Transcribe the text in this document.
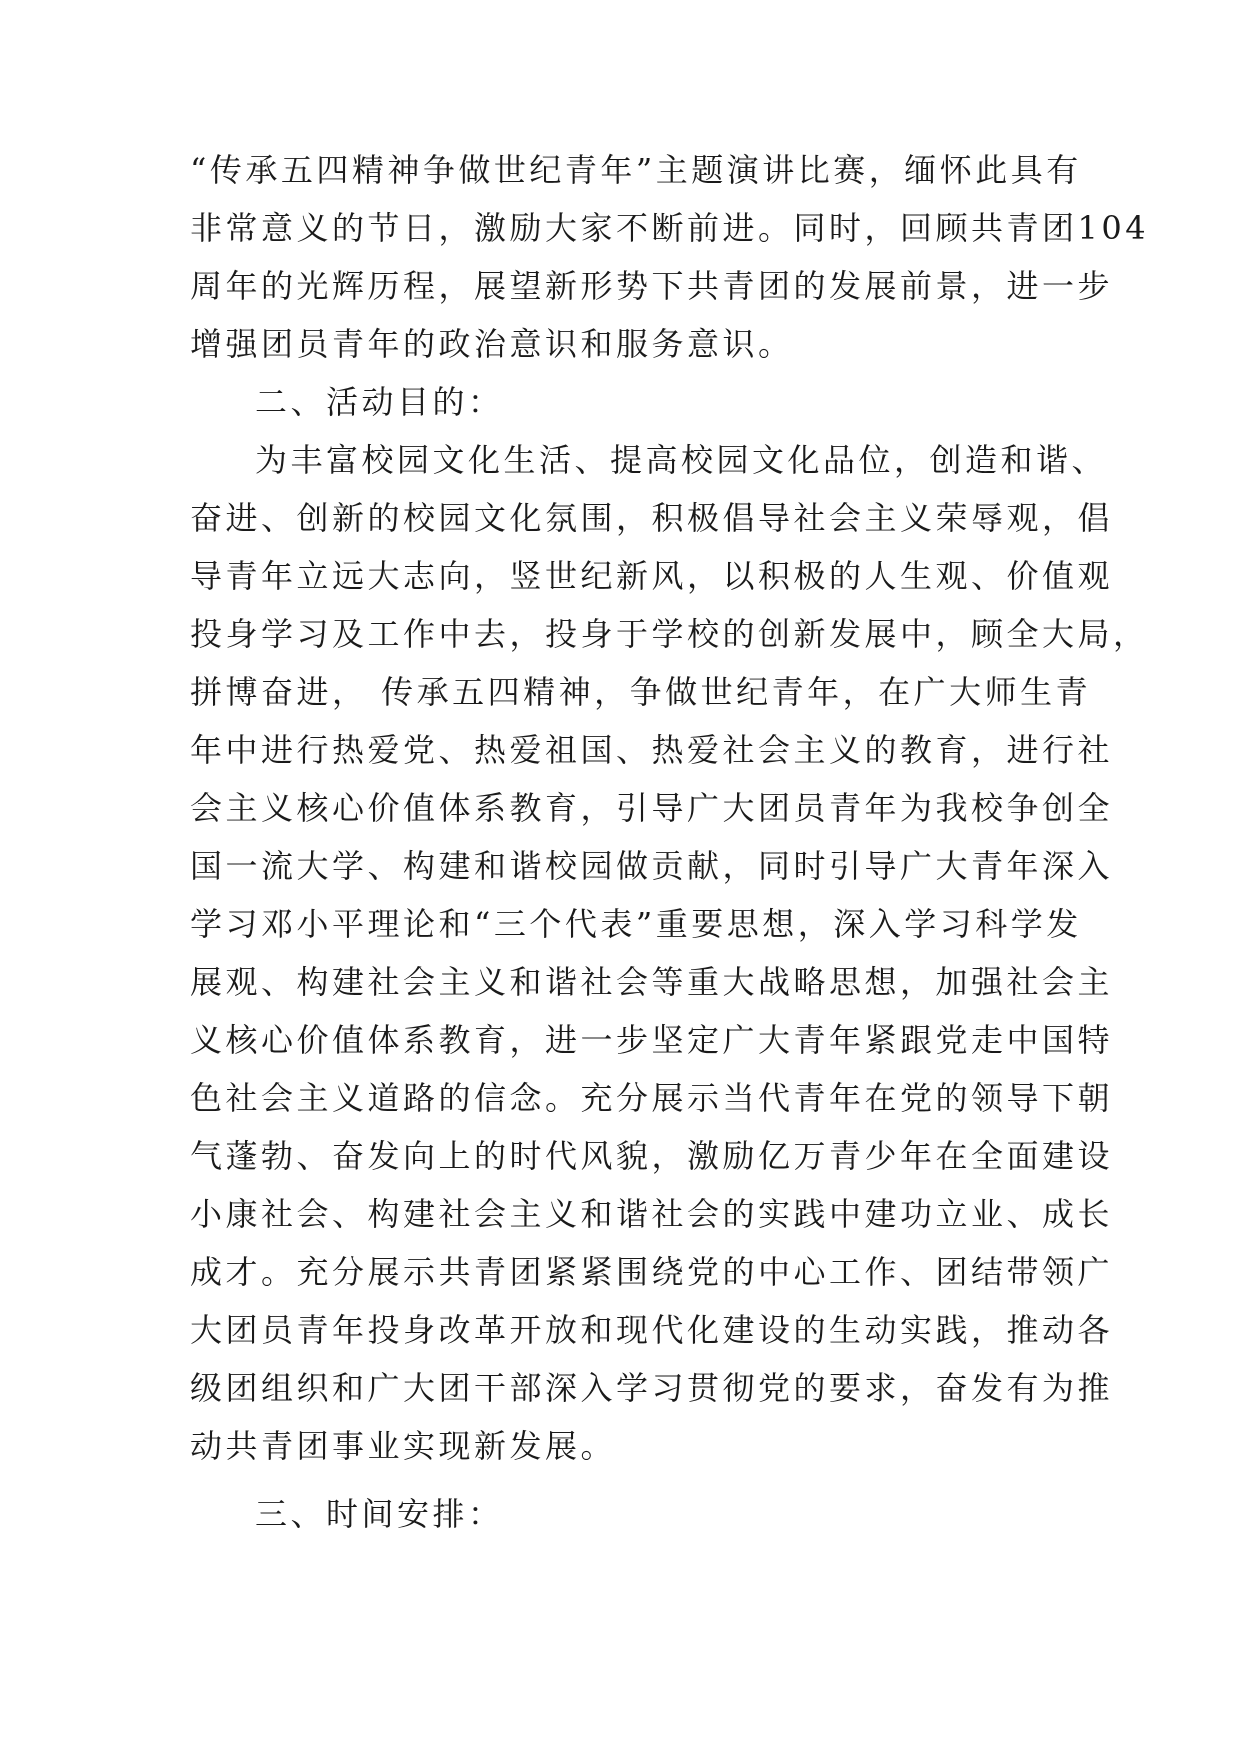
“传承五四精神争做世纪青年”主题演讲比赛，缅怀此具有
非常意义的节日，激励大家不断前进。同时，回顾共青团104
周年的光辉历程，展望新形势下共青团的发展前景，进一步
增强团员青年的政治意识和服务意识。
二、活动目的：
为丰富校园文化生活、提高校园文化品位，创造和谐、
奋进、创新的校园文化氛围，积极倡导社会主义荣辱观，倡
导青年立远大志向，竖世纪新风，以积极的人生观、价值观
投身学习及工作中去，投身于学校的创新发展中，顾全大局，
拼博奋进， 传承五四精神，争做世纪青年，在广大师生青
年中进行热爱党、热爱祖国、热爱社会主义的教育，进行社
会主义核心价值体系教育，引导广大团员青年为我校争创全
国一流大学、构建和谐校园做贡献，同时引导广大青年深入
学习邓小平理论和“三个代表”重要思想，深入学习科学发
展观、构建社会主义和谐社会等重大战略思想，加强社会主
义核心价值体系教育，进一步坚定广大青年紧跟党走中国特
色社会主义道路的信念。充分展示当代青年在党的领导下朝
气蓬勃、奋发向上的时代风貌，激励亿万青少年在全面建设
小康社会、构建社会主义和谐社会的实践中建功立业、成长
成才。充分展示共青团紧紧围绕党的中心工作、团结带领广
大团员青年投身改革开放和现代化建设的生动实践，推动各
级团组织和广大团干部深入学习贯彻党的要求，奋发有为推
动共青团事业实现新发展。
三、时间安排：
